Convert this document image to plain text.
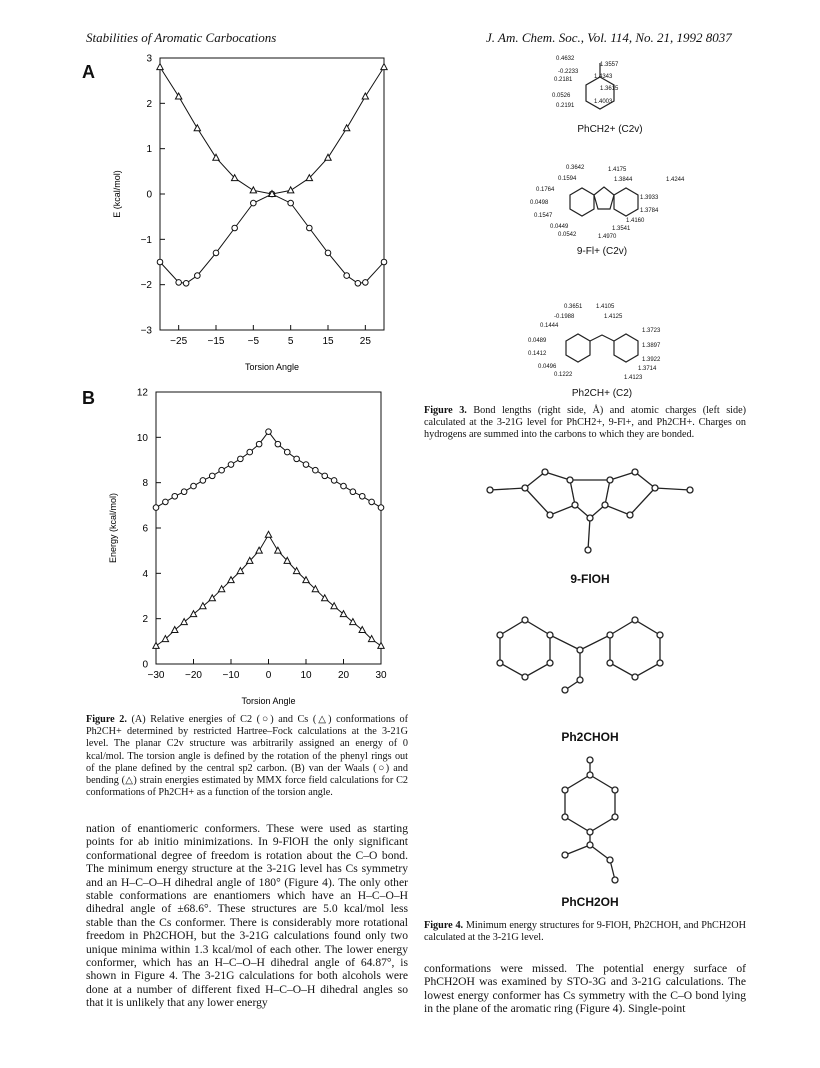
Stabilities of Aromatic Carbocations	J. Am. Chem. Soc., Vol. 114, No. 21, 1992 8037
A
−25 −15 −5	5	15	25
−3
−2
−1
0
1
2
3
Torsion Angle
E (kcal/mol)
B
−30 −20 −10	0	10	20	30
0
2
4
6
8
10
12
Torsion Angle
Energy (kcal/mol)
Figure 2. (A) Relative energies of C2 (○) and Cs (△) conformations of Ph2CH+ determined by restricted Hartree–Fock calculations at the 3-21G level. The planar C2v structure was arbitrarily assigned an energy of 0 kcal/mol. The torsion angle is defined by the rotation of the phenyl rings out of the plane defined by the central sp2 carbon. (B) van der Waals (○) and bending (△) strain energies estimated by MMX force field calculations for C2 conformations of Ph2CH+ as a function of the torsion angle.
nation of enantiomeric conformers. These were used as starting points for ab initio minimizations. In 9-FlOH the only significant conformational degree of freedom is rotation about the C–O bond. The minimum energy structure at the 3-21G level has Cs symmetry and an H–C–O–H dihedral angle of 180° (Figure 4). The only other stable conformations are enantiomers which have an H–C–O–H dihedral angle of ±68.6°. These structures are 5.0 kcal/mol less stable than the Cs conformer. There is considerably more rotational freedom in Ph2CHOH, but the 3-21G calculations found only two unique minima within 1.3 kcal/mol of each other. The lower energy conformer, which has an H–C–O–H dihedral angle of 64.87°, is shown in Figure 4. The 3-21G calculations for both alcohols were done at a number of different fixed H–C–O–H dihedral angles so that it is unlikely that any lower energy
0.4632
-0.2233
0.2181
0.0526
0.2191
1.3557
1.4343
1.3615
1.4003
PhCH2+ (C2v)
0.3642
0.1594
0.1764
0.0498
0.1547
0.0449
0.0542
1.4175
1.3844	1.4244
1.3933
1.3784
1.4160
1.3541
1.4970
9-Fl+ (C2v)
0.3651
-0.1988
0.1444
0.0489
0.1412
0.0496
0.1222
1.4105
1.4125
1.3723
1.3897
1.3922
1.3714
1.4123
Ph2CH+ (C2)
Figure 3. Bond lengths (right side, Å) and atomic charges (left side) calculated at the 3-21G level for PhCH2+, 9-Fl+, and Ph2CH+. Charges on hydrogens are summed into the carbons to which they are bonded.
9-FlOH
Ph2CHOH
PhCH2OH
Figure 4. Minimum energy structures for 9-FlOH, Ph2CHOH, and PhCH2OH calculated at the 3-21G level.
conformations were missed. The potential energy surface of PhCH2OH was examined by STO-3G and 3-21G calculations. The lowest energy conformer has Cs symmetry with the C–O bond lying in the plane of the aromatic ring (Figure 4). Single-point
